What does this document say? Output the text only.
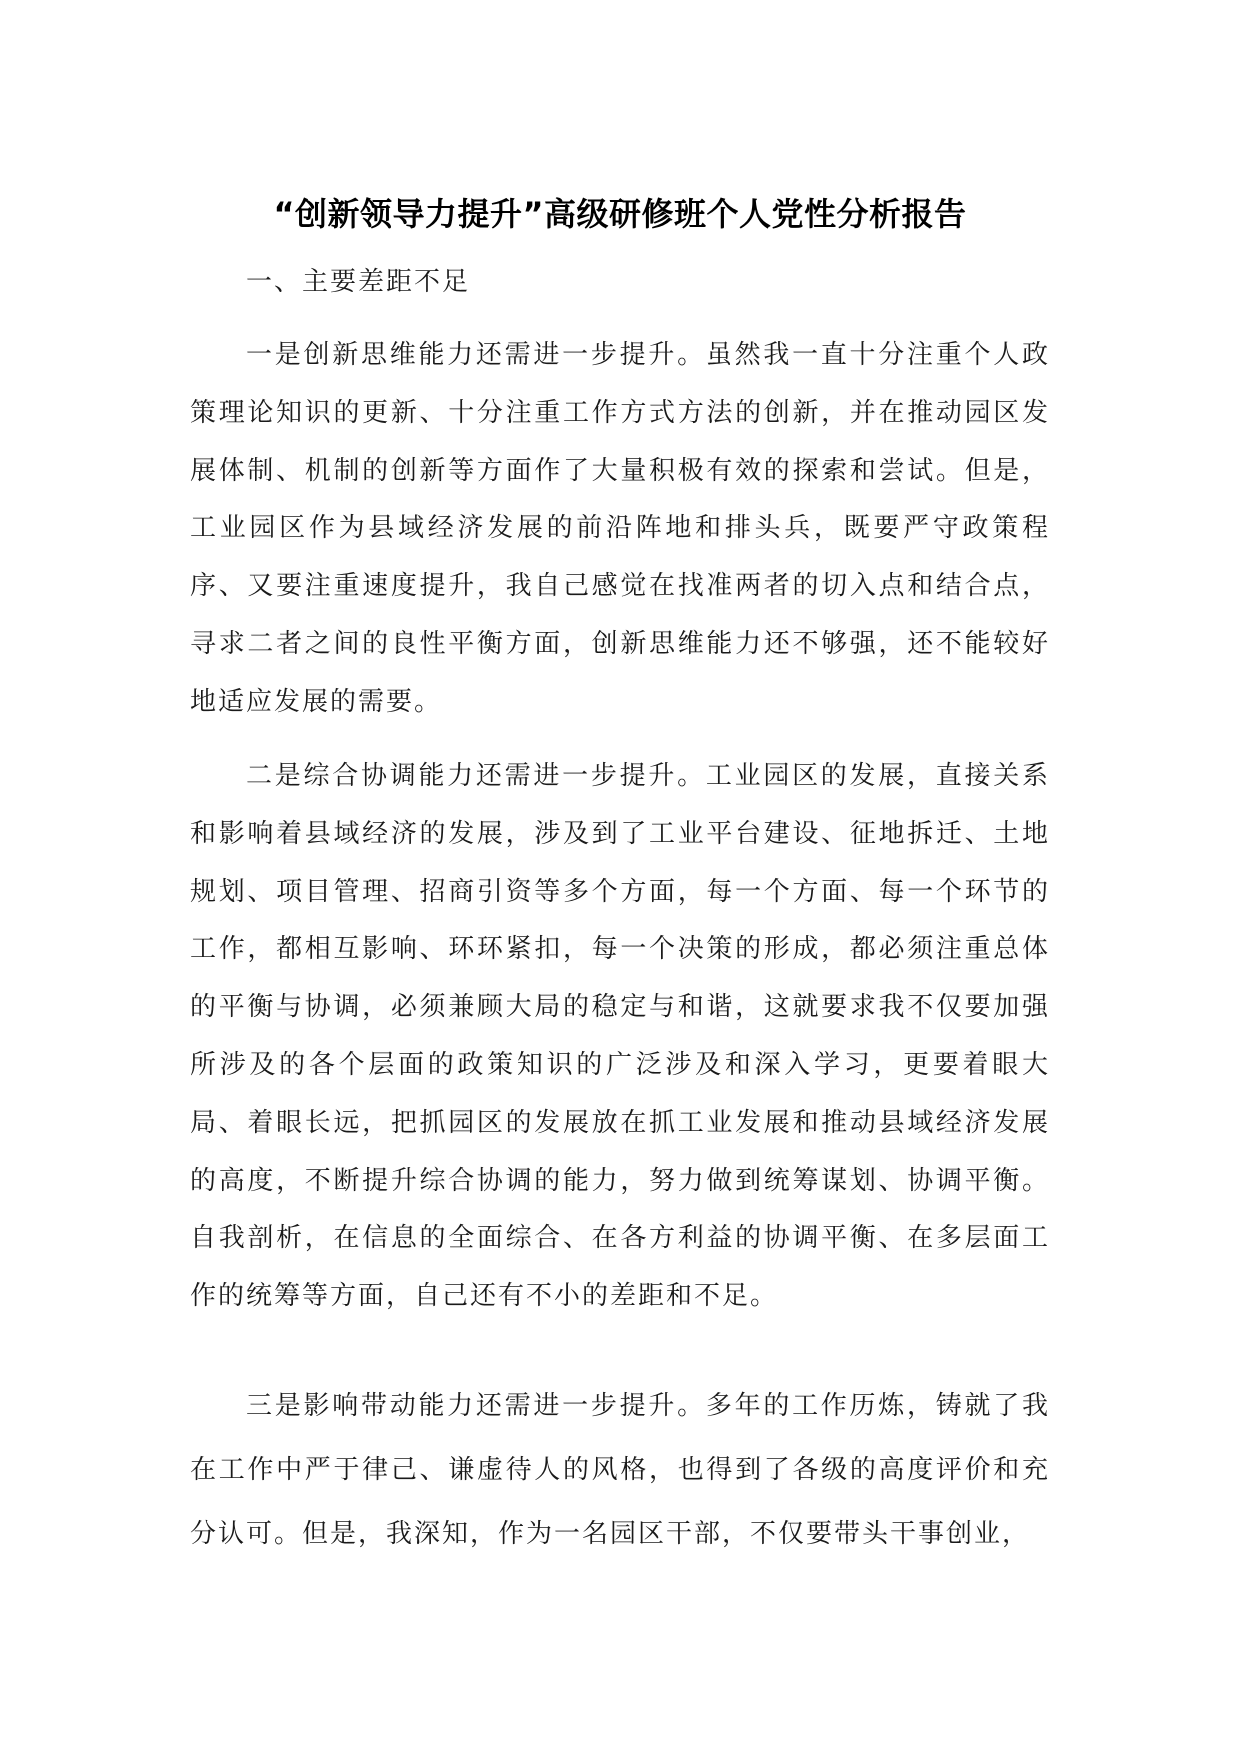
“创新领导力提升”高级研修班个人党性分析报告
一、主要差距不足
一是创新思维能力还需进一步提升。虽然我一直十分注重个人政策理论知识的更新、十分注重工作方式方法的创新，并在推动园区发展体制、机制的创新等方面作了大量积极有效的探索和尝试。但是，工业园区作为县域经济发展的前沿阵地和排头兵，既要严守政策程序、又要注重速度提升，我自己感觉在找准两者的切入点和结合点，寻求二者之间的良性平衡方面，创新思维能力还不够强，还不能较好地适应发展的需要。
二是综合协调能力还需进一步提升。工业园区的发展，直接关系和影响着县域经济的发展，涉及到了工业平台建设、征地拆迁、土地规划、项目管理、招商引资等多个方面，每一个方面、每一个环节的工作，都相互影响、环环紧扣，每一个决策的形成，都必须注重总体的平衡与协调，必须兼顾大局的稳定与和谐，这就要求我不仅要加强所涉及的各个层面的政策知识的广泛涉及和深入学习，更要着眼大局、着眼长远，把抓园区的发展放在抓工业发展和推动县域经济发展的高度，不断提升综合协调的能力，努力做到统筹谋划、协调平衡。自我剖析，在信息的全面综合、在各方利益的协调平衡、在多层面工作的统筹等方面，自己还有不小的差距和不足。
三是影响带动能力还需进一步提升。多年的工作历炼，铸就了我在工作中严于律己、谦虚待人的风格，也得到了各级的高度评价和充分认可。但是，我深知，作为一名园区干部，不仅要带头干事创业，
